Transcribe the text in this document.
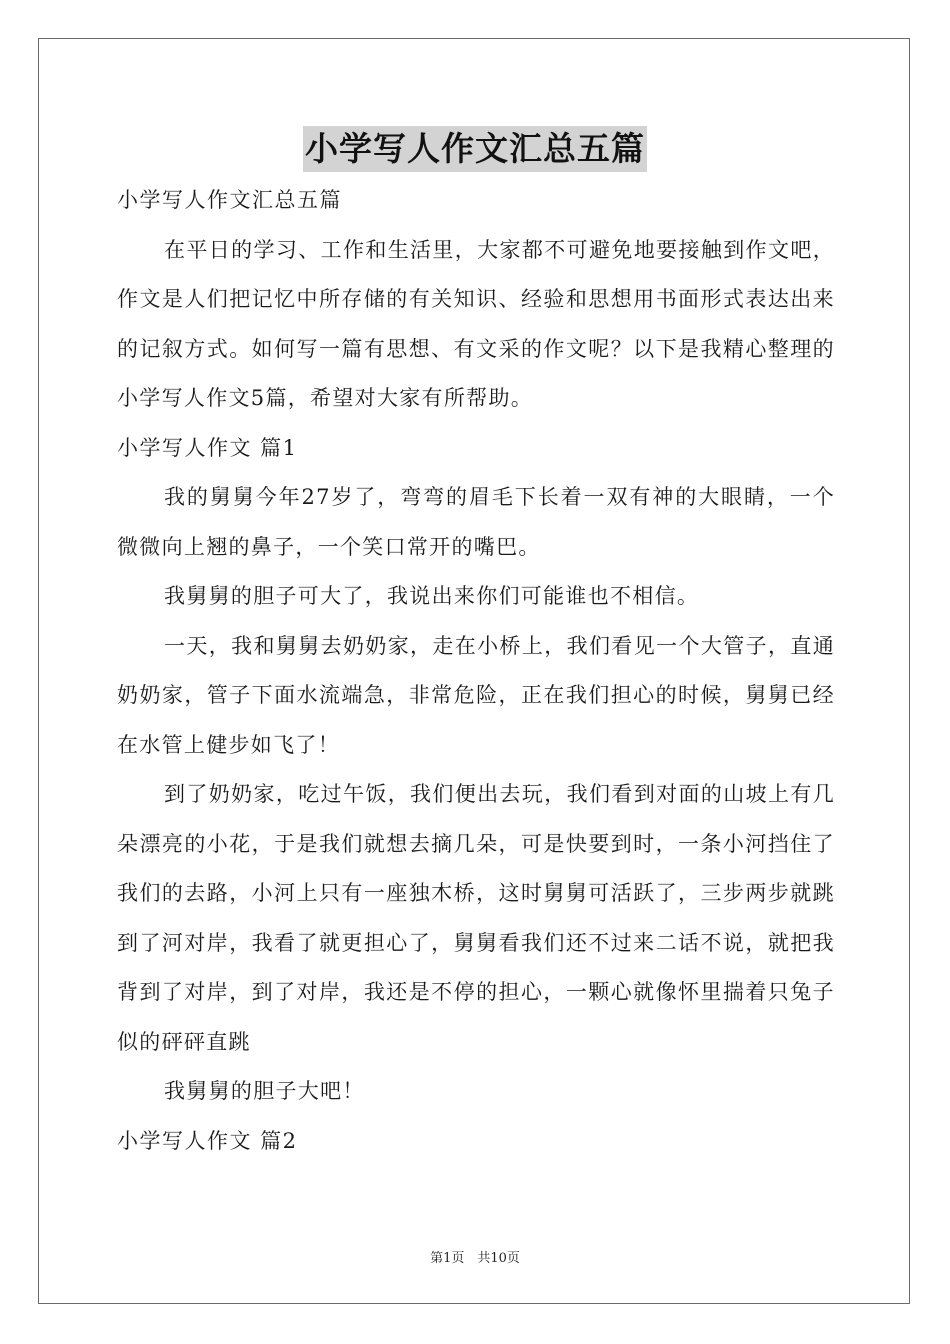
小学写人作文汇总五篇

小学写人作文汇总五篇

在平日的学习、工作和生活里，大家都不可避免地要接触到作文吧，作文是人们把记忆中所存储的有关知识、经验和思想用书面形式表达出来的记叙方式。如何写一篇有思想、有文采的作文呢？以下是我精心整理的小学写人作文5篇，希望对大家有所帮助。

小学写人作文 篇1

我的舅舅今年27岁了，弯弯的眉毛下长着一双有神的大眼睛，一个微微向上翘的鼻子，一个笑口常开的嘴巴。

我舅舅的胆子可大了，我说出来你们可能谁也不相信。

一天，我和舅舅去奶奶家，走在小桥上，我们看见一个大管子，直通奶奶家，管子下面水流端急，非常危险，正在我们担心的时候，舅舅已经在水管上健步如飞了！

到了奶奶家，吃过午饭，我们便出去玩，我们看到对面的山坡上有几朵漂亮的小花，于是我们就想去摘几朵，可是快要到时，一条小河挡住了我们的去路，小河上只有一座独木桥，这时舅舅可活跃了，三步两步就跳到了河对岸，我看了就更担心了，舅舅看我们还不过来二话不说，就把我背到了对岸，到了对岸，我还是不停的担心，一颗心就像怀里揣着只兔子似的砰砰直跳

我舅舅的胆子大吧！

小学写人作文 篇2

第1页　共10页
